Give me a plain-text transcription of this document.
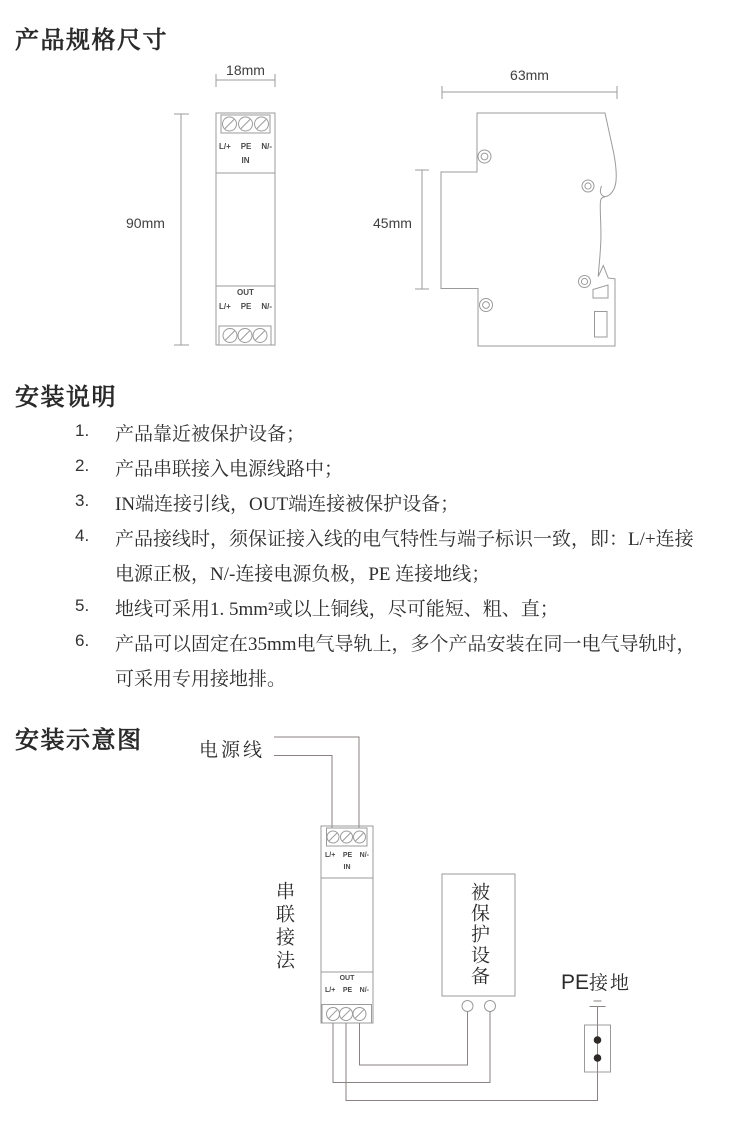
产品规格尺寸
安装说明
安装示意图
18mm
90mm
63mm
45mm
L/+ PE N/-
IN
OUT
L/+ PE N/-
1.	产品靠近被保护设备；
2.	产品串联接入电源线路中；
3.	IN端连接引线，OUT端连接被保护设备；
4.	产品接线时，须保证接入线的电气特性与端子标识一致，即：L/+连接
电源正极，N/-连接电源负极，PE 连接地线；
5.	地线可采用1. 5mm²或以上铜线，尽可能短、粗、直；
6.	产品可以固定在35mm电气导轨上，多个产品安装在同一电气导轨时，
可采用专用接地排。
电源线
串联接法	被保护设备	PE接地
L/+ PE N/-
IN
OUT
L/+ PE N/-
